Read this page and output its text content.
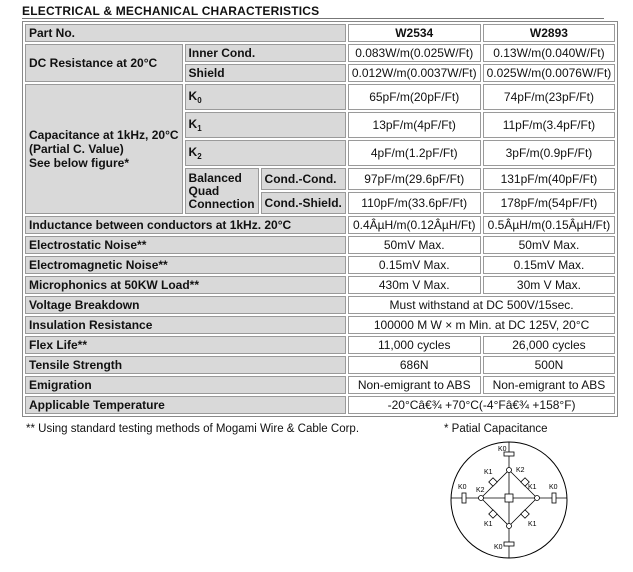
ELECTRICAL & MECHANICAL CHARACTERISTICS
Part No.			W2534	W2893
DC Resistance at 20°C	Inner Cond.		0.083W/m(0.025W/Ft)	0.13W/m(0.040W/Ft)
	Shield		0.012W/m(0.0037W/Ft)	0.025W/m(0.0076W/Ft)

Capacitance at 1kHz, 20°C
(Partial C. Value)
See below figure*	$K_0$		65pF/m(20pF/Ft)	74pF/m(23pF/Ft)
	$K_1$		13pF/m(4pF/Ft)	11pF/m(3.4pF/Ft)
	$K_2$		4pF/m(1.2pF/Ft)	3pF/m(0.9pF/Ft)

	Balanced
Quad
Connection	Cond.-Cond.	97pF/m(29.6pF/Ft)	131pF/m(40pF/Ft)
		Cond.-Shield.	110pF/m(33.6pF/Ft)	178pF/m(54pF/Ft)
Inductance between conductors at 1kHz. 20°C			0.4ÂµH/m(0.12ÂµH/Ft)	0.5ÂµH/m(0.15ÂµH/Ft)
Electrostatic Noise**			50mV Max.	50mV Max.
Electromagnetic Noise**			0.15mV Max.	0.15mV Max.
Microphonics at 50KW Load**			430m V Max.	30m V Max.
Voltage Breakdown			Must withstand at DC 500V/15sec.	
Insulation Resistance			100000 M W × m Min. at DC 125V, 20°C	
Flex Life**			11,000 cycles	26,000 cycles
Tensile Strength			686N	500N
Emigration			Non-emigrant to ABS	Non-emigrant to ABS
Applicable Temperature			-20°Câ€¾ +70°C(-4°Fâ€¾ +158°F)	
** Using standard testing methods of Mogami Wire & Cable Corp.	* Patial Capacitance
K0
K1	K2
K0 K2	K1 K0
K1	K1
K0
